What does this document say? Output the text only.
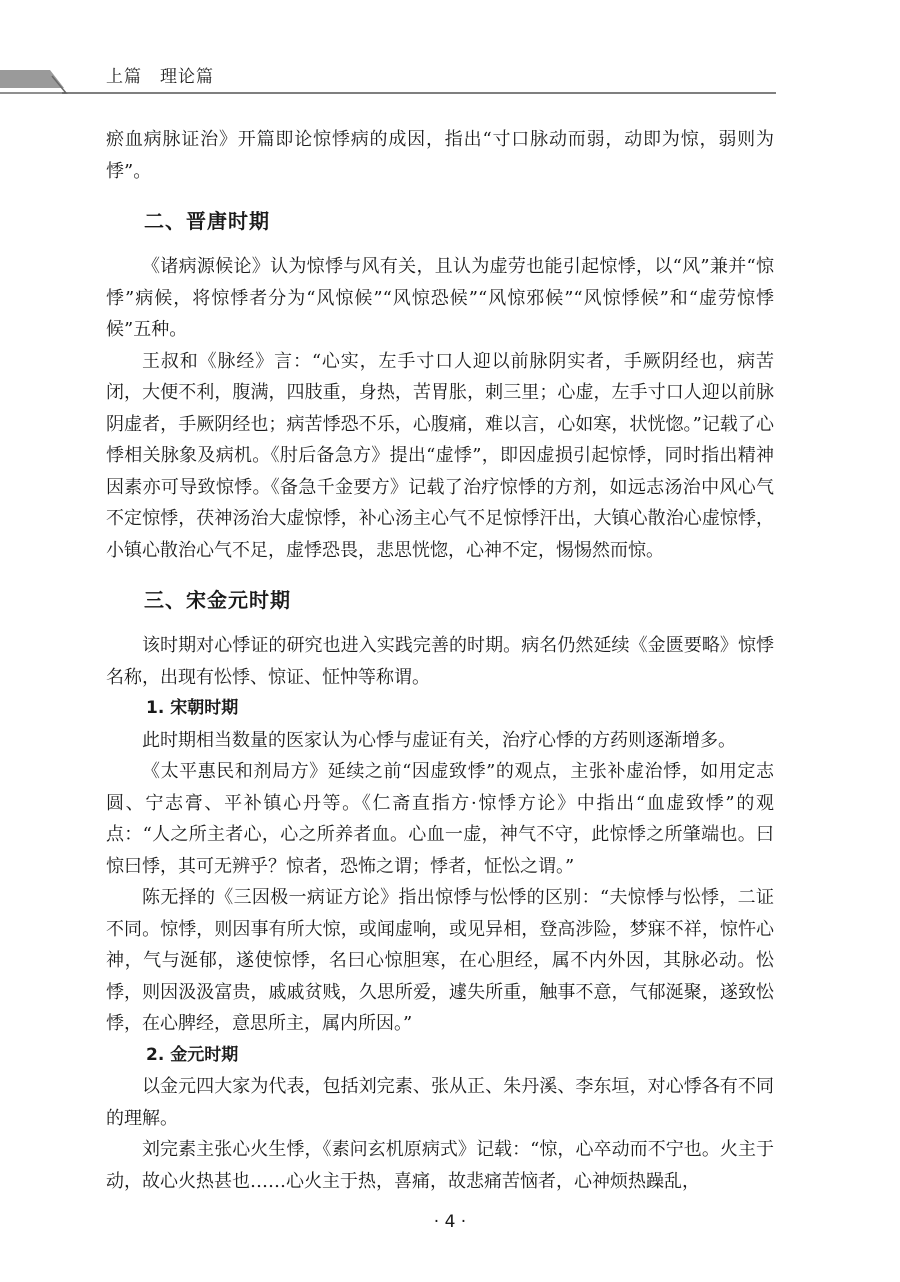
上篇 理论篇

瘀血病脉证治》开篇即论惊悸病的成因，指出“寸口脉动而弱，动即为惊，弱则为悸”。

二、晋唐时期

《诸病源候论》认为惊悸与风有关，且认为虚劳也能引起惊悸，以“风”兼并“惊悸”病候，将惊悸者分为“风惊候”“风惊恐候”“风惊邪候”“风惊悸候”和“虚劳惊悸候”五种。

王叔和《脉经》言：“心实，左手寸口人迎以前脉阴实者，手厥阴经也，病苦闭，大便不利，腹满，四肢重，身热，苦胃胀，刺三里；心虚，左手寸口人迎以前脉阴虚者，手厥阴经也；病苦悸恐不乐，心腹痛，难以言，心如寒，状恍惚。”记载了心悸相关脉象及病机。《肘后备急方》提出“虚悸”，即因虚损引起惊悸，同时指出精神因素亦可导致惊悸。《备急千金要方》记载了治疗惊悸的方剂，如远志汤治中风心气不定惊悸，茯神汤治大虚惊悸，补心汤主心气不足惊悸汗出，大镇心散治心虚惊悸，小镇心散治心气不足，虚悸恐畏，悲思恍惚，心神不定，惕惕然而惊。

三、宋金元时期

该时期对心悸证的研究也进入实践完善的时期。病名仍然延续《金匮要略》惊悸名称，出现有忪悸、惊证、怔忡等称谓。

1. 宋朝时期

此时期相当数量的医家认为心悸与虚证有关，治疗心悸的方药则逐渐增多。

《太平惠民和剂局方》延续之前“因虚致悸”的观点，主张补虚治悸，如用定志圆、宁志膏、平补镇心丹等。《仁斋直指方·惊悸方论》中指出“血虚致悸”的观点：“人之所主者心，心之所养者血。心血一虚，神气不守，此惊悸之所肇端也。曰惊曰悸，其可无辨乎？惊者，恐怖之谓；悸者，怔忪之谓。”

陈无择的《三因极一病证方论》指出惊悸与忪悸的区别：“夫惊悸与忪悸，二证不同。惊悸，则因事有所大惊，或闻虚响，或见异相，登高涉险，梦寐不祥，惊忤心神，气与涎郁，遂使惊悸，名曰心惊胆寒，在心胆经，属不内外因，其脉必动。忪悸，则因汲汲富贵，戚戚贫贱，久思所爱，遽失所重，触事不意，气郁涎聚，遂致忪悸，在心脾经，意思所主，属内所因。”

2. 金元时期

以金元四大家为代表，包括刘完素、张从正、朱丹溪、李东垣，对心悸各有不同的理解。

刘完素主张心火生悸，《素问玄机原病式》记载：“惊，心卒动而不宁也。火主于动，故心火热甚也……心火主于热，喜痛，故悲痛苦恼者，心神烦热躁乱，

· 4 ·
